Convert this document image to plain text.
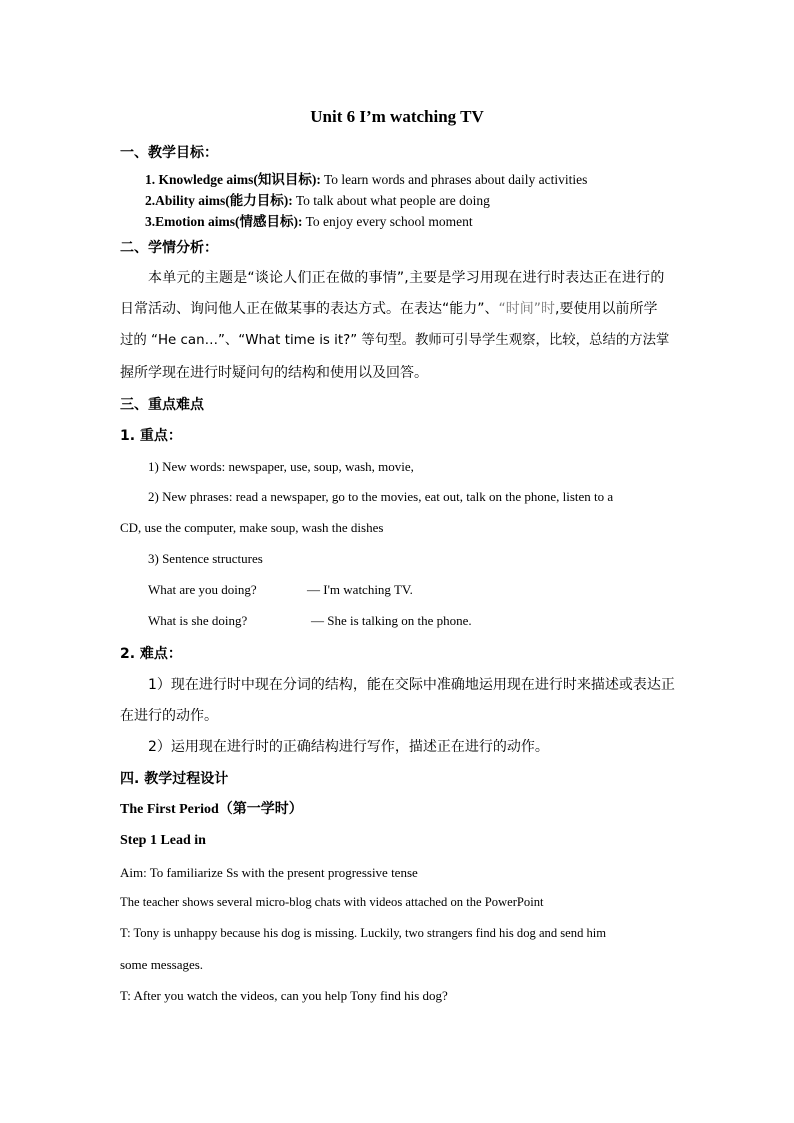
Unit 6 I’m watching TV
一、教学目标：
1. Knowledge aims(知识目标): To learn words and phrases about daily activities
2.Ability aims(能力目标): To talk about what people are doing
3.Emotion aims(情感目标): To enjoy every school moment
二、学情分析：
本单元的主题是“谈论人们正在做的事情”,主要是学习用现在进行时表达正在进行的
日常活动、询问他人正在做某事的表达方式。在表达“能力”、“时间”时,要使用以前所学
过的 “He can…”、“What time is it?” 等句型。教师可引导学生观察，比较，总结的方法掌
握所学现在进行时疑问句的结构和使用以及回答。
三、重点难点
1. 重点：
1) New words: newspaper, use, soup, wash, movie,
2) New phrases: read a newspaper, go to the movies, eat out, talk on the phone, listen to a
CD, use the computer, make soup, wash the dishes
3) Sentence structures
What are you doing?	— I'm watching TV.
What is she doing?	— She is talking on the phone.
2. 难点：
1）现在进行时中现在分词的结构，能在交际中准确地运用现在进行时来描述或表达正
在进行的动作。
2）运用现在进行时的正确结构进行写作，描述正在进行的动作。
四. 教学过程设计
The First Period（第一学时）
Step 1 Lead in
Aim: To familiarize Ss with the present progressive tense
The teacher shows several micro-blog chats with videos attached on the PowerPoint
T: Tony is unhappy because his dog is missing. Luckily, two strangers find his dog and send him
some messages.
T: After you watch the videos, can you help Tony find his dog?
